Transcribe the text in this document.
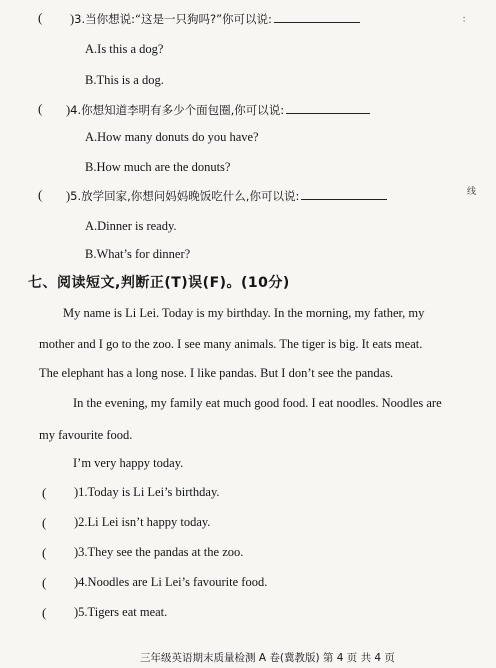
( )3.当你想说:“这是一只狗吗?”你可以说:
A.Is this a dog?
B.This is a dog.
( )4.你想知道李明有多少个面包圈,你可以说:
A.How many donuts do you have?
B.How much are the donuts?
( )5.放学回家,你想问妈妈晚饭吃什么,你可以说:
A.Dinner is ready.
B.What’s for dinner?
七、阅读短文,判断正(T)误(F)。(10分)
My name is Li Lei. Today is my birthday. In the morning, my father, my
mother and I go to the zoo. I see many animals. The tiger is big. It eats meat.
The elephant has a long nose. I like pandas. But I don’t see the pandas.
In the evening, my family eat much good food. I eat noodles. Noodles are
my favourite food.
I’m very happy today.
( )1.Today is Li Lei’s birthday.
( )2.Li Lei isn’t happy today.
( )3.They see the pandas at the zoo.
( )4.Noodles are Li Lei’s favourite food.
( )5.Tigers eat meat.
三年级英语期末质量检测 A 卷(冀教版) 第 4 页 共 4 页
：
线
